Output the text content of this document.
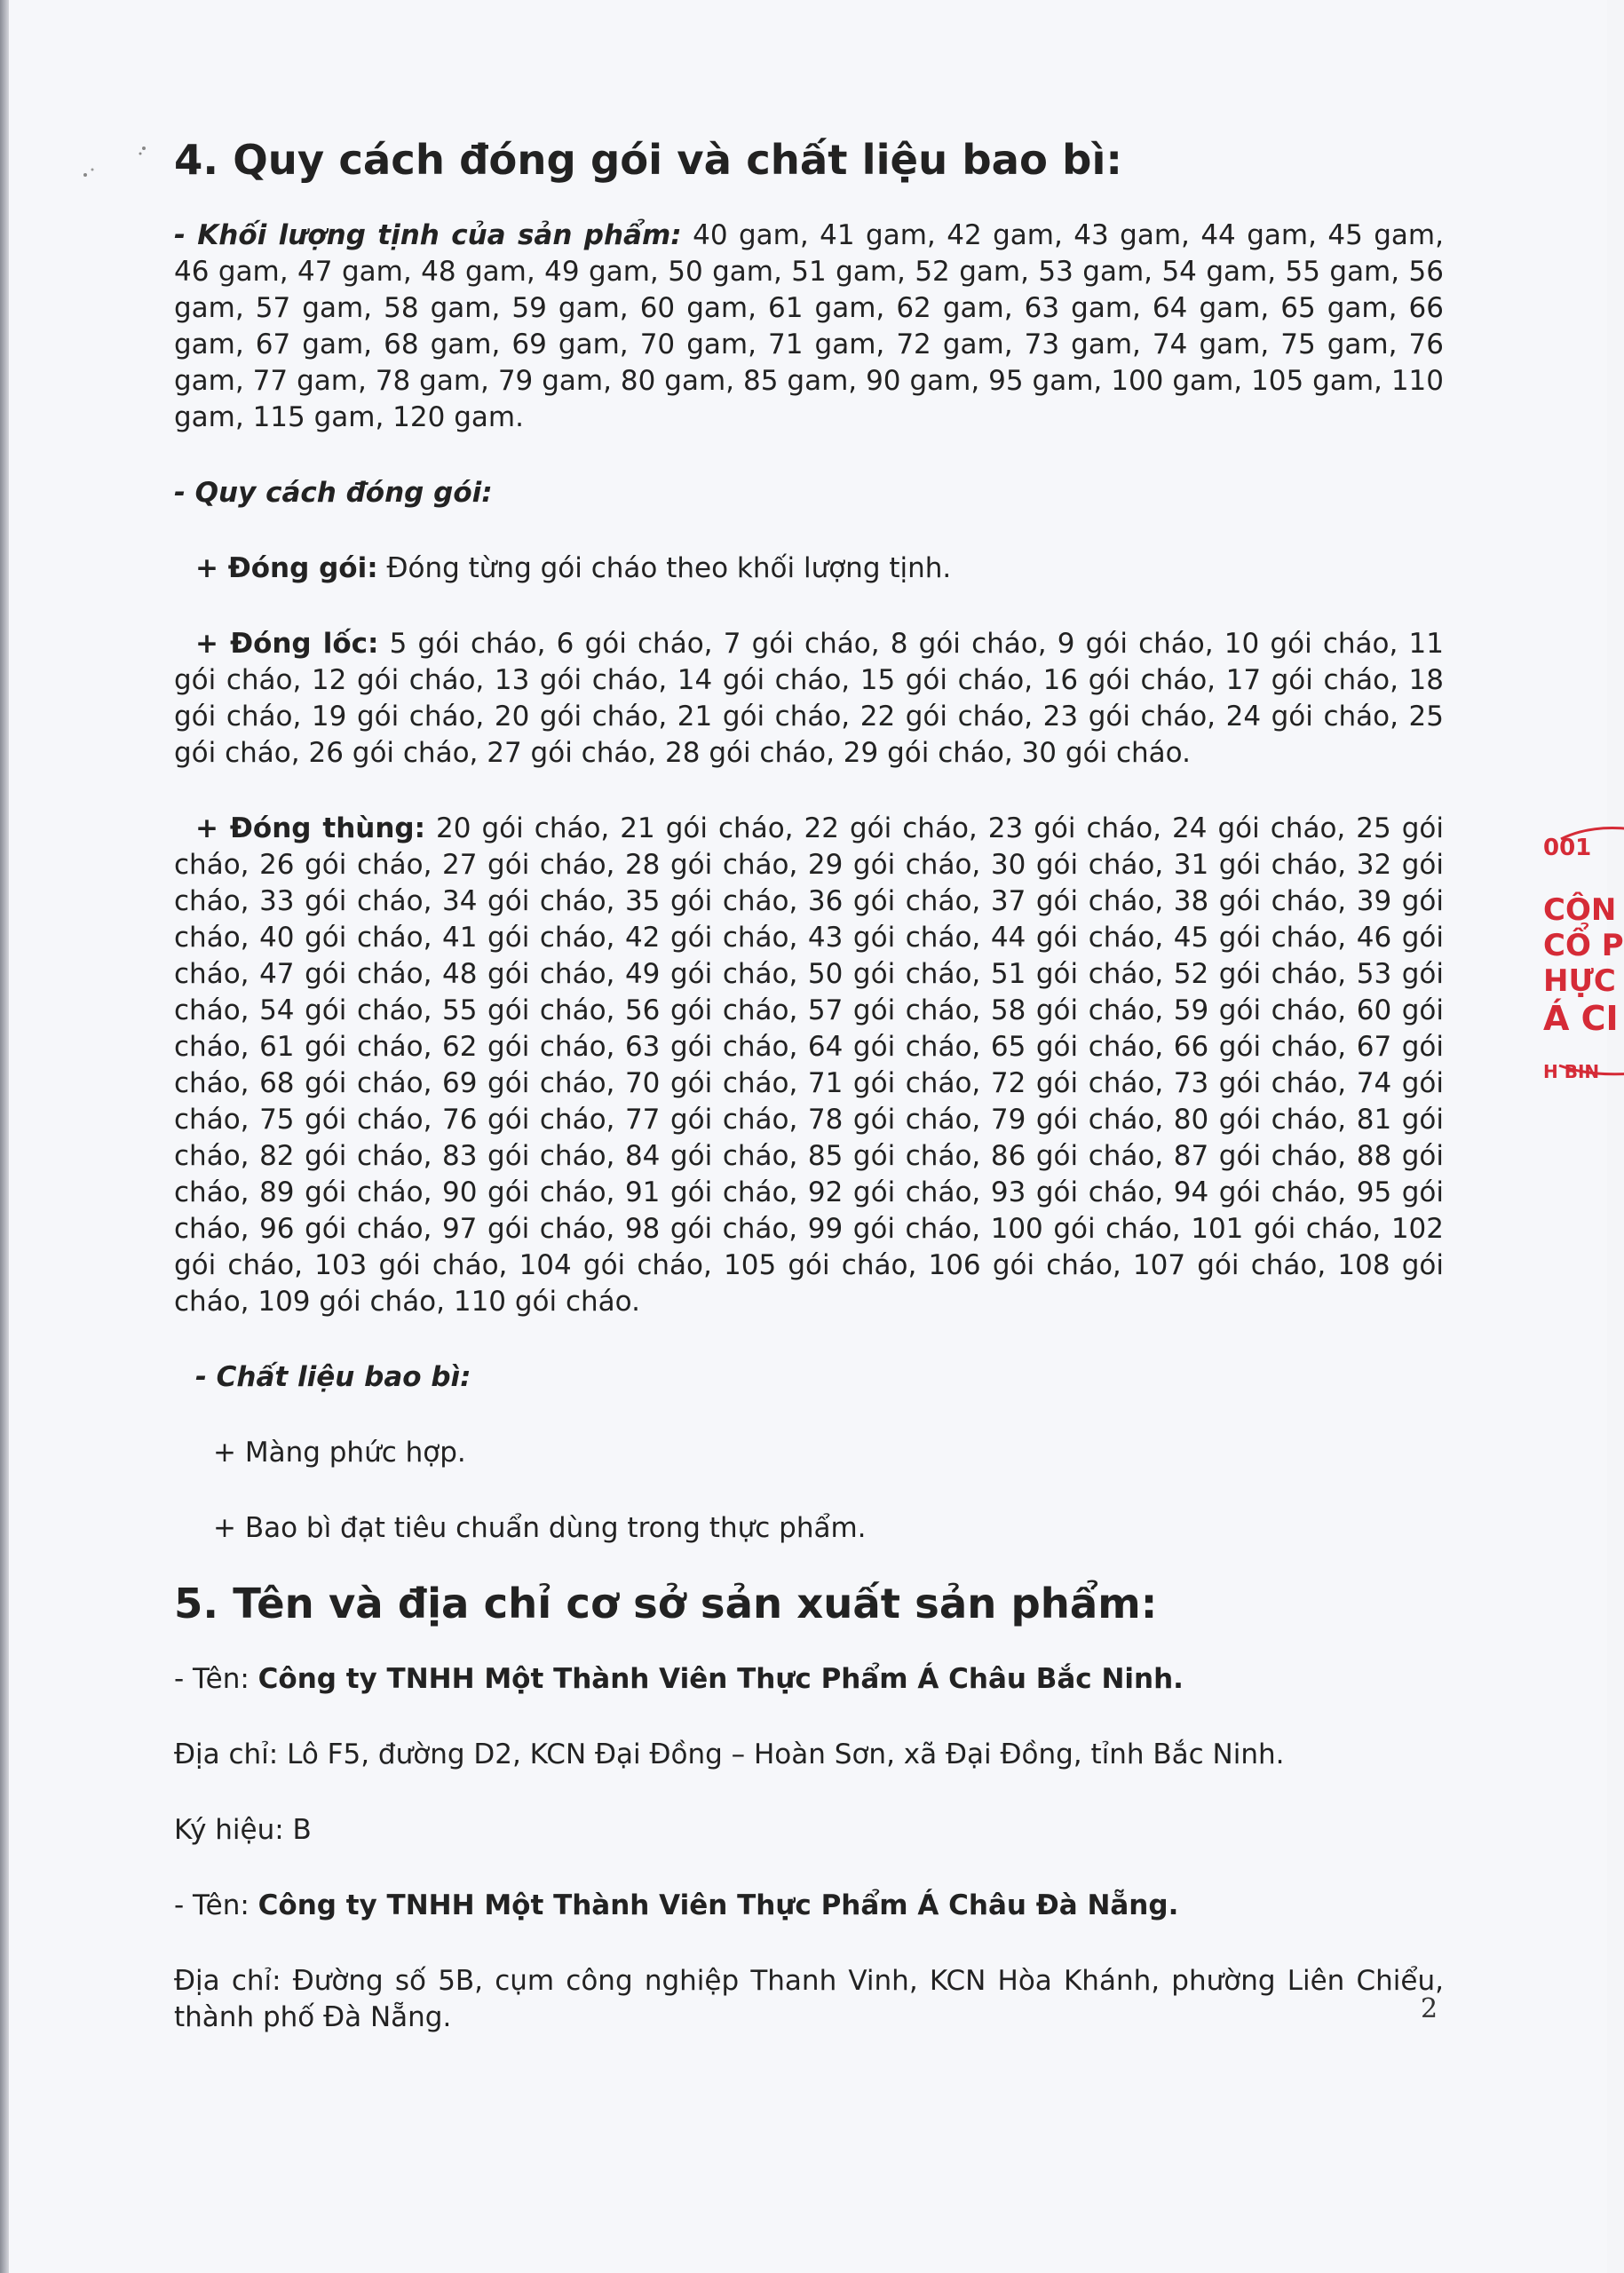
4. Quy cách đóng gói và chất liệu bao bì:

- Khối lượng tịnh của sản phẩm: 40 gam, 41 gam, 42 gam, 43 gam, 44 gam, 45 gam, 46 gam, 47 gam, 48 gam, 49 gam, 50 gam, 51 gam, 52 gam, 53 gam, 54 gam, 55 gam, 56 gam, 57 gam, 58 gam, 59 gam, 60 gam, 61 gam, 62 gam, 63 gam, 64 gam, 65 gam, 66 gam, 67 gam, 68 gam, 69 gam, 70 gam, 71 gam, 72 gam, 73 gam, 74 gam, 75 gam, 76 gam, 77 gam, 78 gam, 79 gam, 80 gam, 85 gam, 90 gam, 95 gam, 100 gam, 105 gam, 110 gam, 115 gam, 120 gam.

- Quy cách đóng gói:

+ Đóng gói: Đóng từng gói cháo theo khối lượng tịnh.

+ Đóng lốc: 5 gói cháo, 6 gói cháo, 7 gói cháo, 8 gói cháo, 9 gói cháo, 10 gói cháo, 11 gói cháo, 12 gói cháo, 13 gói cháo, 14 gói cháo, 15 gói cháo, 16 gói cháo, 17 gói cháo, 18 gói cháo, 19 gói cháo, 20 gói cháo, 21 gói cháo, 22 gói cháo, 23 gói cháo, 24 gói cháo, 25 gói cháo, 26 gói cháo, 27 gói cháo, 28 gói cháo, 29 gói cháo, 30 gói cháo.

+ Đóng thùng: 20 gói cháo, 21 gói cháo, 22 gói cháo, 23 gói cháo, 24 gói cháo, 25 gói cháo, 26 gói cháo, 27 gói cháo, 28 gói cháo, 29 gói cháo, 30 gói cháo, 31 gói cháo, 32 gói cháo, 33 gói cháo, 34 gói cháo, 35 gói cháo, 36 gói cháo, 37 gói cháo, 38 gói cháo, 39 gói cháo, 40 gói cháo, 41 gói cháo, 42 gói cháo, 43 gói cháo, 44 gói cháo, 45 gói cháo, 46 gói cháo, 47 gói cháo, 48 gói cháo, 49 gói cháo, 50 gói cháo, 51 gói cháo, 52 gói cháo, 53 gói cháo, 54 gói cháo, 55 gói cháo, 56 gói cháo, 57 gói cháo, 58 gói cháo, 59 gói cháo, 60 gói cháo, 61 gói cháo, 62 gói cháo, 63 gói cháo, 64 gói cháo, 65 gói cháo, 66 gói cháo, 67 gói cháo, 68 gói cháo, 69 gói cháo, 70 gói cháo, 71 gói cháo, 72 gói cháo, 73 gói cháo, 74 gói cháo, 75 gói cháo, 76 gói cháo, 77 gói cháo, 78 gói cháo, 79 gói cháo, 80 gói cháo, 81 gói cháo, 82 gói cháo, 83 gói cháo, 84 gói cháo, 85 gói cháo, 86 gói cháo, 87 gói cháo, 88 gói cháo, 89 gói cháo, 90 gói cháo, 91 gói cháo, 92 gói cháo, 93 gói cháo, 94 gói cháo, 95 gói cháo, 96 gói cháo, 97 gói cháo, 98 gói cháo, 99 gói cháo, 100 gói cháo, 101 gói cháo, 102 gói cháo, 103 gói cháo, 104 gói cháo, 105 gói cháo, 106 gói cháo, 107 gói cháo, 108 gói cháo, 109 gói cháo, 110 gói cháo.

- Chất liệu bao bì:

+ Màng phức hợp.

+ Bao bì đạt tiêu chuẩn dùng trong thực phẩm.

5. Tên và địa chỉ cơ sở sản xuất sản phẩm:

- Tên: Công ty TNHH Một Thành Viên Thực Phẩm Á Châu Bắc Ninh.

Địa chỉ: Lô F5, đường D2, KCN Đại Đồng – Hoàn Sơn, xã Đại Đồng, tỉnh Bắc Ninh.

Ký hiệu: B

- Tên: Công ty TNHH Một Thành Viên Thực Phẩm Á Châu Đà Nẵng.

Địa chỉ: Đường số 5B, cụm công nghiệp Thanh Vinh, KCN Hòa Khánh, phường Liên Chiểu, thành phố Đà Nẵng.	2
001
CÔN
CỔ P
HỰC
Á CI
H BIN
